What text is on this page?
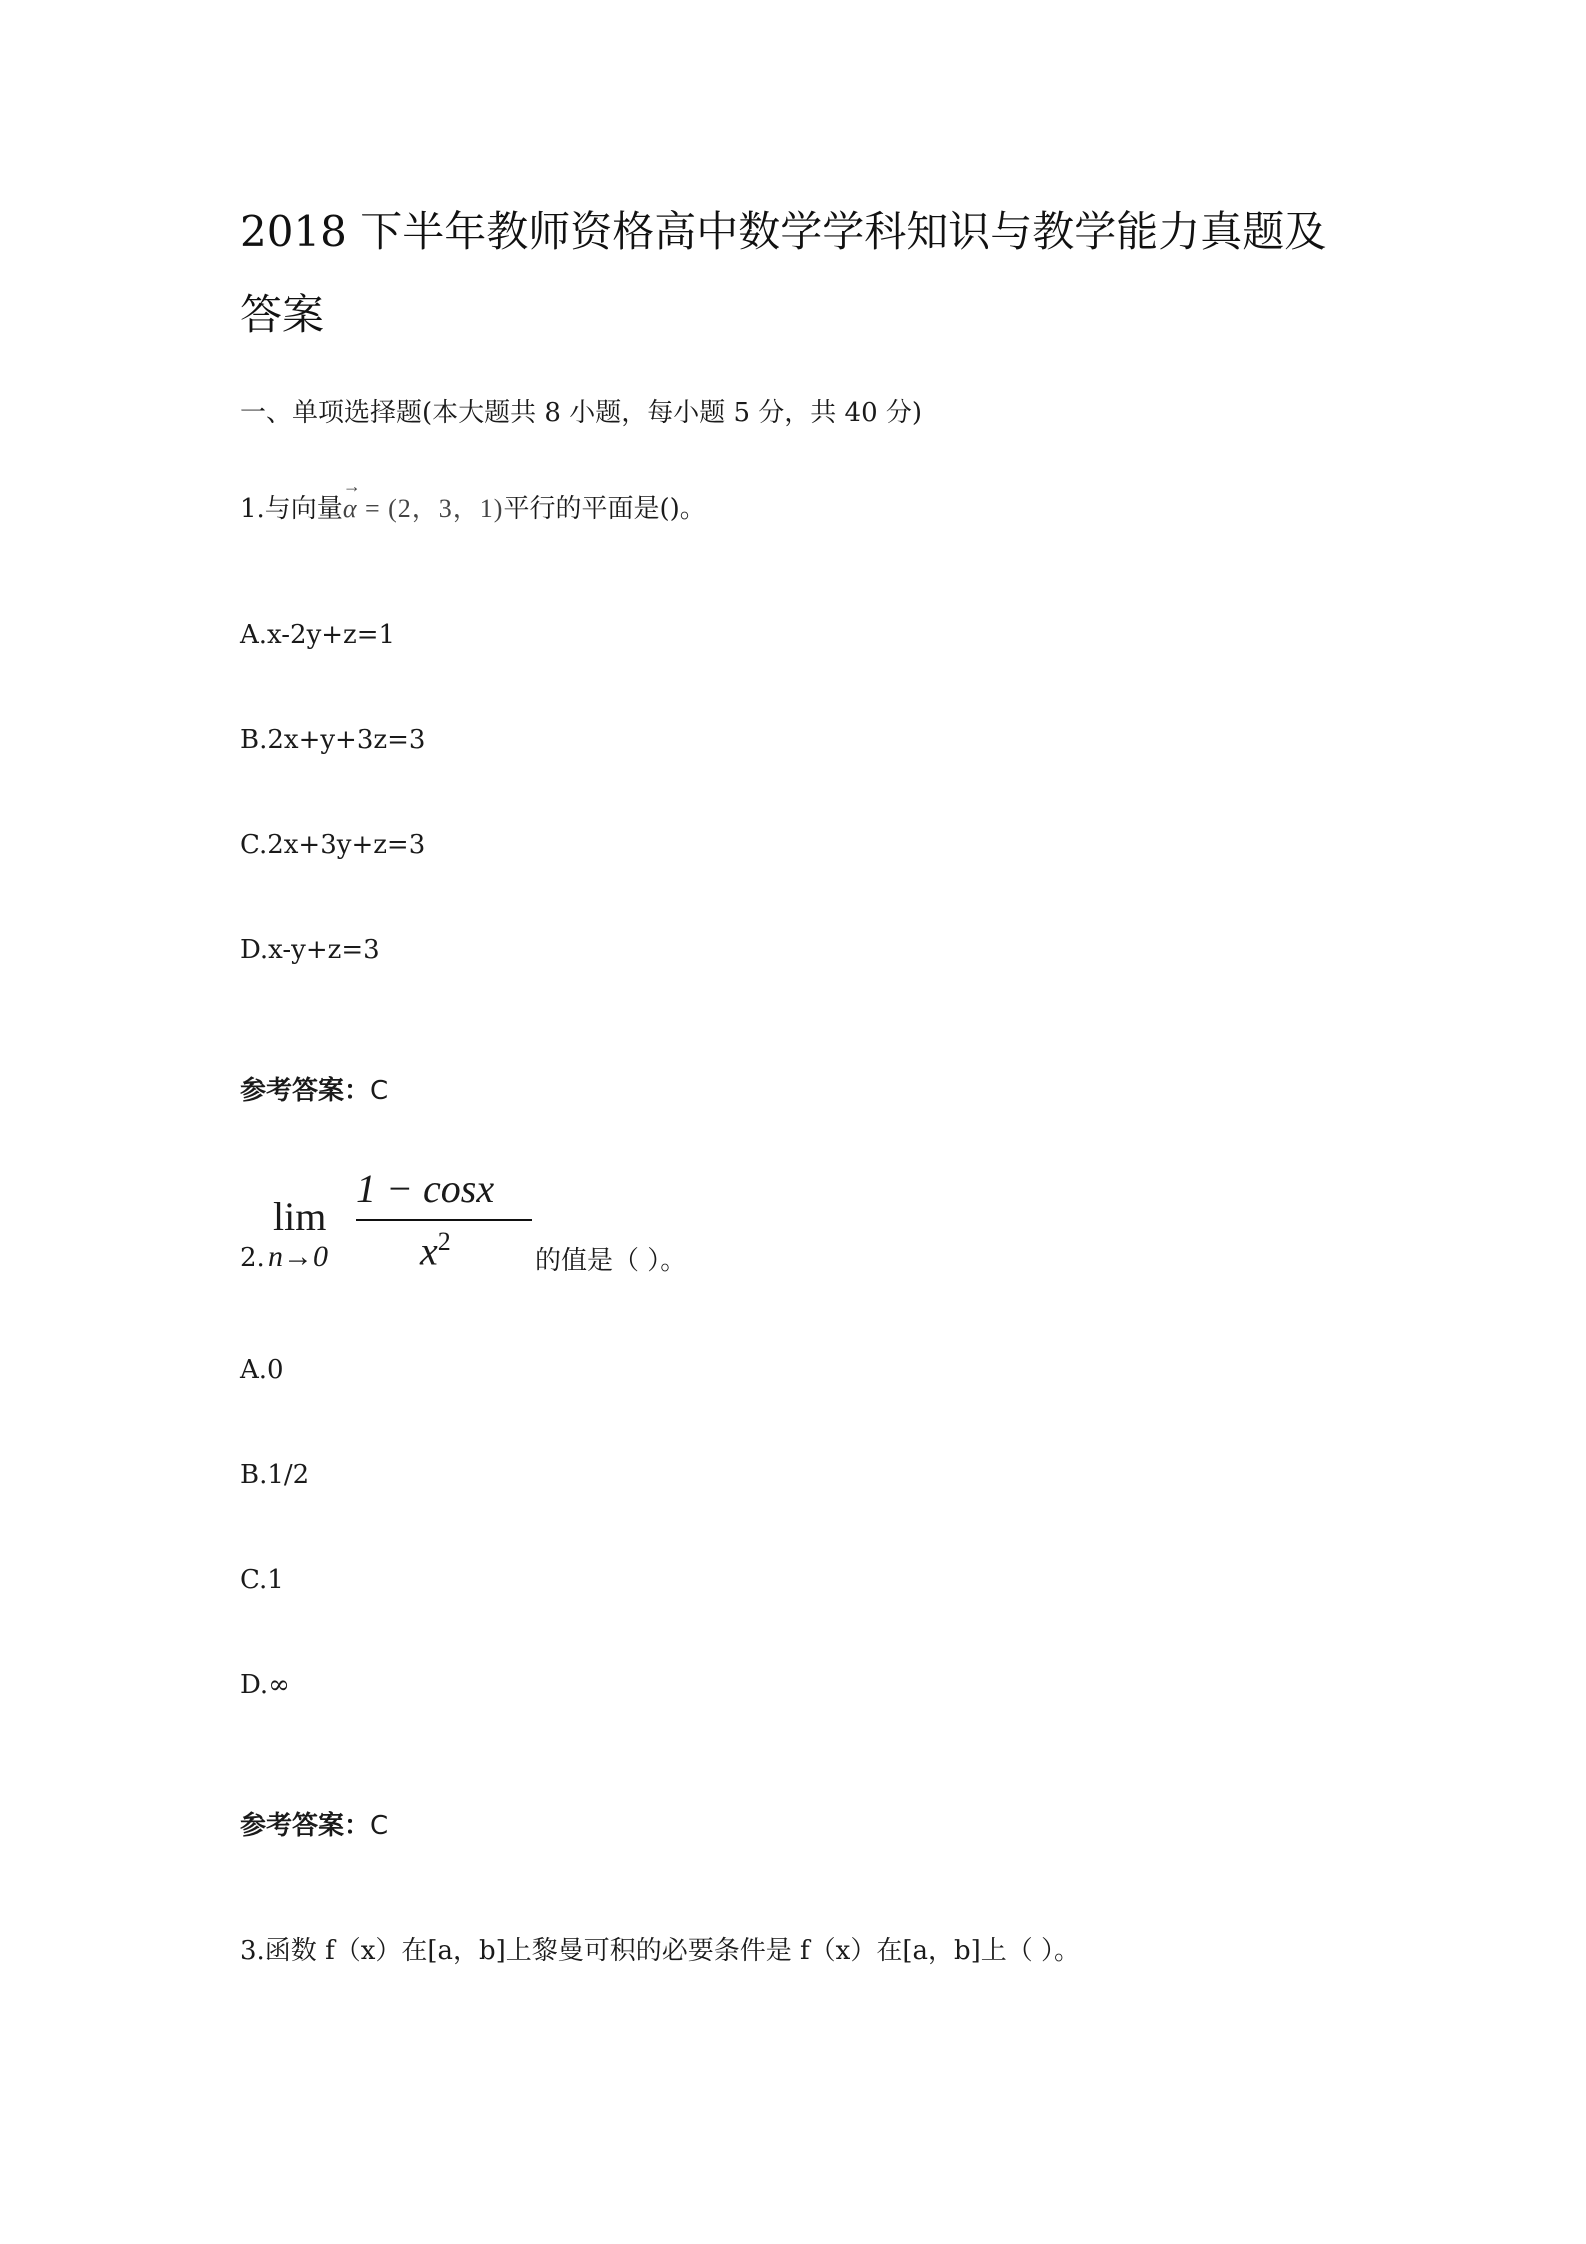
2018 下半年教师资格高中数学学科知识与教学能力真题及
答案
一、单项选择题(本大题共 8 小题，每小题 5 分，共 40 分)
1.与向量
→
α = (2，3，1)平行的平面是()。
A.x-2y+z=1
B.2x+y+3z=3
C.2x+3y+z=3
D.x-y+z=3
参考答案：C
2.
lim
n→0
1 − cosx
$x^2$
的值是（ ）。
A.0
B.1/2
C.1
D.∞
参考答案：C
3.函数 f（x）在[a，b]上黎曼可积的必要条件是 f（x）在[a，b]上（ ）。
